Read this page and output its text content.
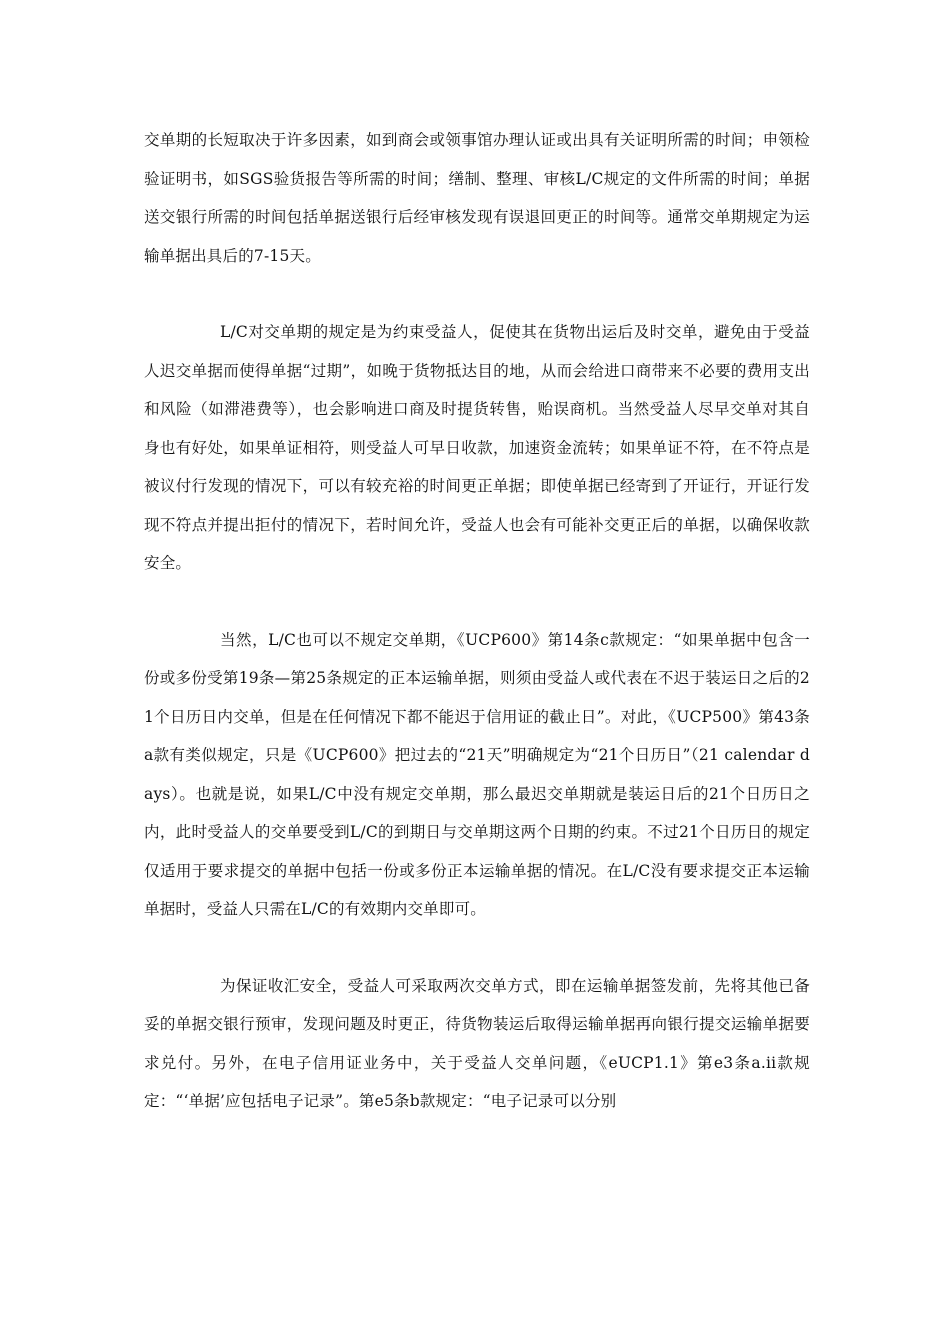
交单期的长短取决于许多因素，如到商会或领事馆办理认证或出具有关证明所需的时间；申领检验证明书，如SGS验货报告等所需的时间；缮制、整理、审核L/C规定的文件所需的时间；单据送交银行所需的时间包括单据送银行后经审核发现有误退回更正的时间等。通常交单期规定为运输单据出具后的7-15天。

L/C对交单期的规定是为约束受益人，促使其在货物出运后及时交单，避免由于受益人迟交单据而使得单据“过期”，如晚于货物抵达目的地，从而会给进口商带来不必要的费用支出和风险（如滞港费等），也会影响进口商及时提货转售，贻误商机。当然受益人尽早交单对其自身也有好处，如果单证相符，则受益人可早日收款，加速资金流转；如果单证不符，在不符点是被议付行发现的情况下，可以有较充裕的时间更正单据；即使单据已经寄到了开证行，开证行发现不符点并提出拒付的情况下，若时间允许，受益人也会有可能补交更正后的单据，以确保收款安全。

当然，L/C也可以不规定交单期，《UCP600》第14条c款规定：“如果单据中包含一份或多份受第19条—第25条规定的正本运输单据，则须由受益人或代表在不迟于装运日之后的21个日历日内交单，但是在任何情况下都不能迟于信用证的截止日”。对此，《UCP500》第43条a款有类似规定，只是《UCP600》把过去的“21天”明确规定为“21个日历日”（21 calendar days）。也就是说，如果L/C中没有规定交单期，那么最迟交单期就是装运日后的21个日历日之内，此时受益人的交单要受到L/C的到期日与交单期这两个日期的约束。不过21个日历日的规定仅适用于要求提交的单据中包括一份或多份正本运输单据的情况。在L/C没有要求提交正本运输单据时，受益人只需在L/C的有效期内交单即可。

为保证收汇安全，受益人可采取两次交单方式，即在运输单据签发前，先将其他已备妥的单据交银行预审，发现问题及时更正，待货物装运后取得运输单据再向银行提交运输单据要求兑付。另外，在电子信用证业务中，关于受益人交单问题，《eUCP1.1》第e3条a.ii款规定：“‘单据’应包括电子记录”。第e5条b款规定：“电子记录可以分别
